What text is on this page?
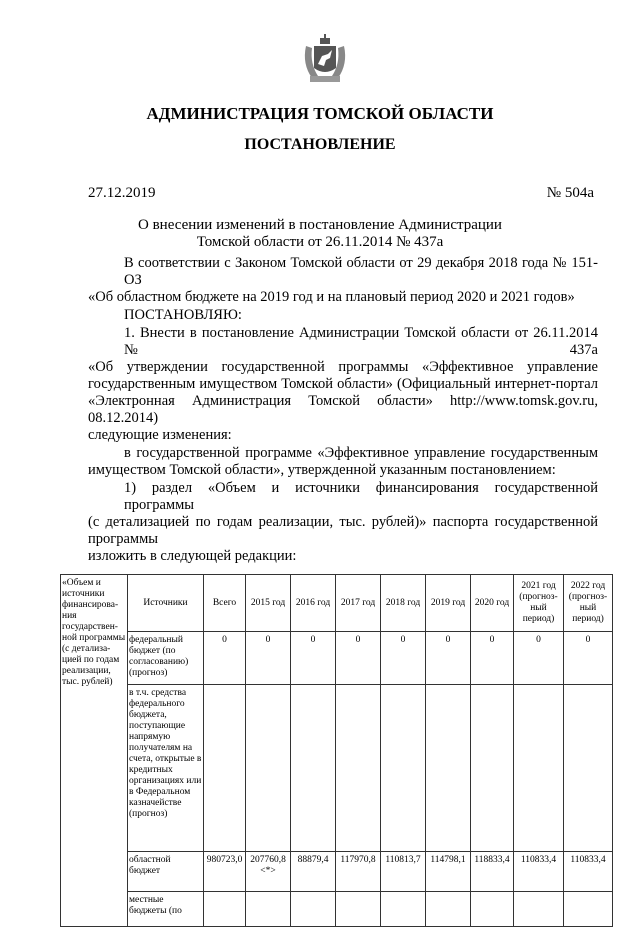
АДМИНИСТРАЦИЯ ТОМСКОЙ ОБЛАСТИ
ПОСТАНОВЛЕНИЕ
27.12.2019	№ 504а
О внесении изменений в постановление Администрации
Томской области от 26.11.2014 № 437а
В соответствии с Законом Томской области от 29 декабря 2018 года № 151-ОЗ
«Об областном бюджете на 2019 год и на плановый период 2020 и 2021 годов»
ПОСТАНОВЛЯЮ:
1. Внести в постановление Администрации Томской области от 26.11.2014 № 437а
«Об утверждении государственной программы «Эффективное управление
государственным имуществом Томской области» (Официальный интернет-портал
«Электронная Администрация Томской области» http://www.tomsk.gov.ru, 08.12.2014)
следующие изменения:
в государственной программе «Эффективное управление государственным
имуществом Томской области», утвержденной указанным постановлением:
1) раздел «Объем и источники финансирования государственной программы
(с детализацией по годам реализации, тыс. рублей)» паспорта государственной программы
изложить в следующей редакции:
«Объем и источники финансирова-ния государствен-ной программы (с детализа-цией по годам реализации, тыс. рублей)	Источники	Всего	2015 год	2016 год	2017 год	2018 год	2019 год	2020 год	2021 год (прогноз-ный период)	2022 год (прогноз-ный период)
	федеральный бюджет (по согласованию) (прогноз)	0	0	0	0	0	0	0	0	0
	в т.ч. средства федерального бюджета, поступающие напрямую получателям на счета, открытые в кредитных организациях или в Федеральном казначействе (прогноз)									
	областной бюджет	980723,0	207760,8 <*>	88879,4	117970,8	110813,7	114798,1	118833,4	110833,4	110833,4
	местные бюджеты (по									
